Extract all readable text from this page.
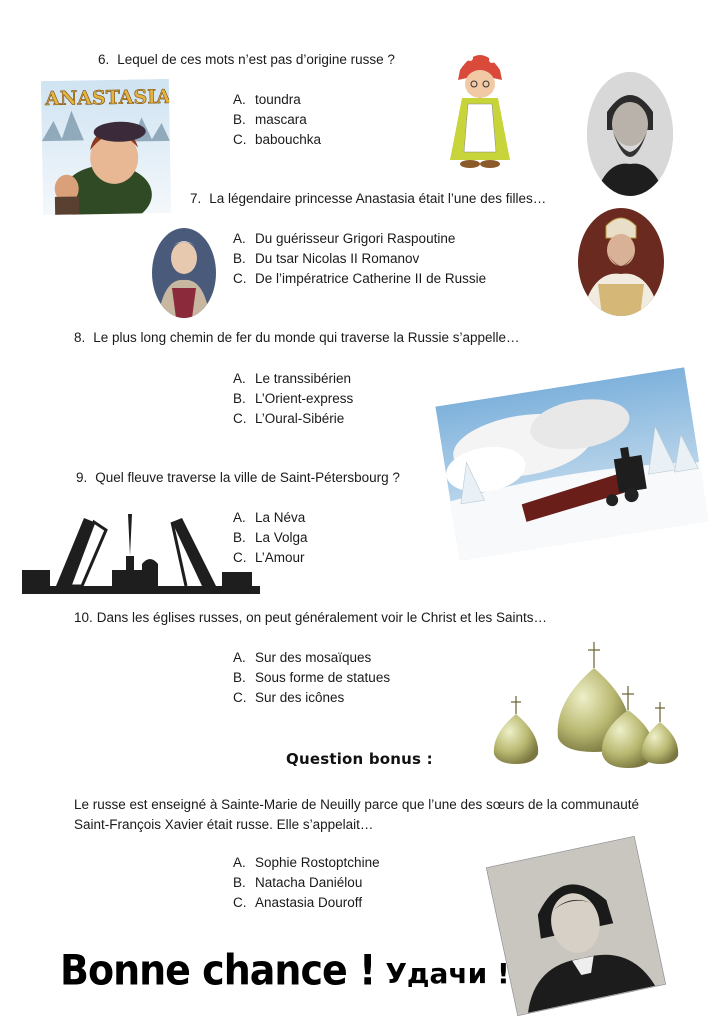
6. Lequel de ces mots n’est pas d’origine russe ?
A. toundra
B. mascara
C. babouchka
ANASTASIA
7. La légendaire princesse Anastasia était l’une des filles…
A. Du guérisseur Grigori Raspoutine
B. Du tsar Nicolas II Romanov
C. De l’impératrice Catherine II de Russie
8. Le plus long chemin de fer du monde qui traverse la Russie s’appelle…
A. Le transsibérien
B. L’Orient-express
C. L’Oural-Sibérie
9. Quel fleuve traverse la ville de Saint-Pétersbourg ?
A. La Néva
B. La Volga
C. L’Amour
10. Dans les églises russes, on peut généralement voir le Christ et les Saints…
A. Sur des mosaïques
B. Sous forme de statues
C. Sur des icônes
Question bonus :
Le russe est enseigné à Sainte-Marie de Neuilly parce que l’une des sœurs de la communauté Saint-François Xavier était russe. Elle s’appelait…
A. Sophie Rostoptchine
B. Natacha Daniélou
C. Anastasia Douroff
Bonne chance ! Удачи !
